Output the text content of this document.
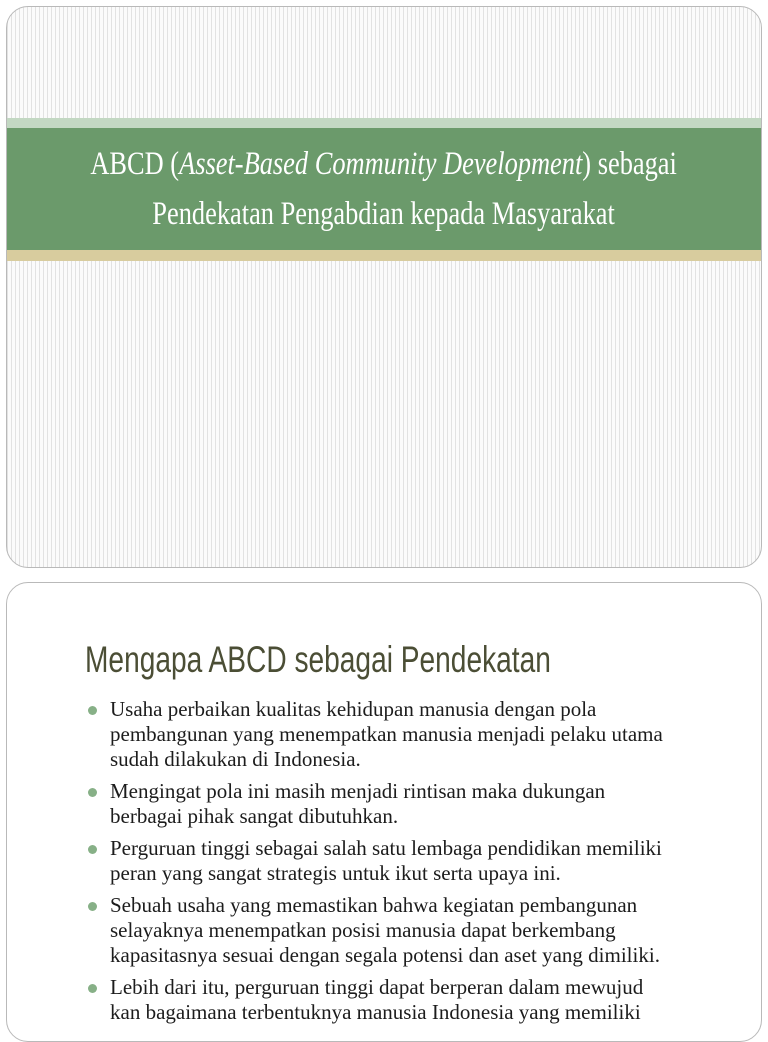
ABCD (Asset-Based Community Development) sebagai
Pendekatan Pengabdian kepada Masyarakat
Mengapa ABCD sebagai Pendekatan
Usaha perbaikan kualitas kehidupan manusia dengan pola
pembangunan yang menempatkan manusia menjadi pelaku utama
sudah dilakukan di Indonesia.
Mengingat pola ini masih menjadi rintisan maka dukungan
berbagai pihak sangat dibutuhkan.
Perguruan tinggi sebagai salah satu lembaga pendidikan memiliki
peran yang sangat strategis untuk ikut serta upaya ini.
Sebuah usaha yang memastikan bahwa kegiatan pembangunan
selayaknya menempatkan posisi manusia dapat berkembang
kapasitasnya sesuai dengan segala potensi dan aset yang dimiliki.
Lebih dari itu, perguruan tinggi dapat berperan dalam mewujud
kan bagaimana terbentuknya manusia Indonesia yang memiliki
